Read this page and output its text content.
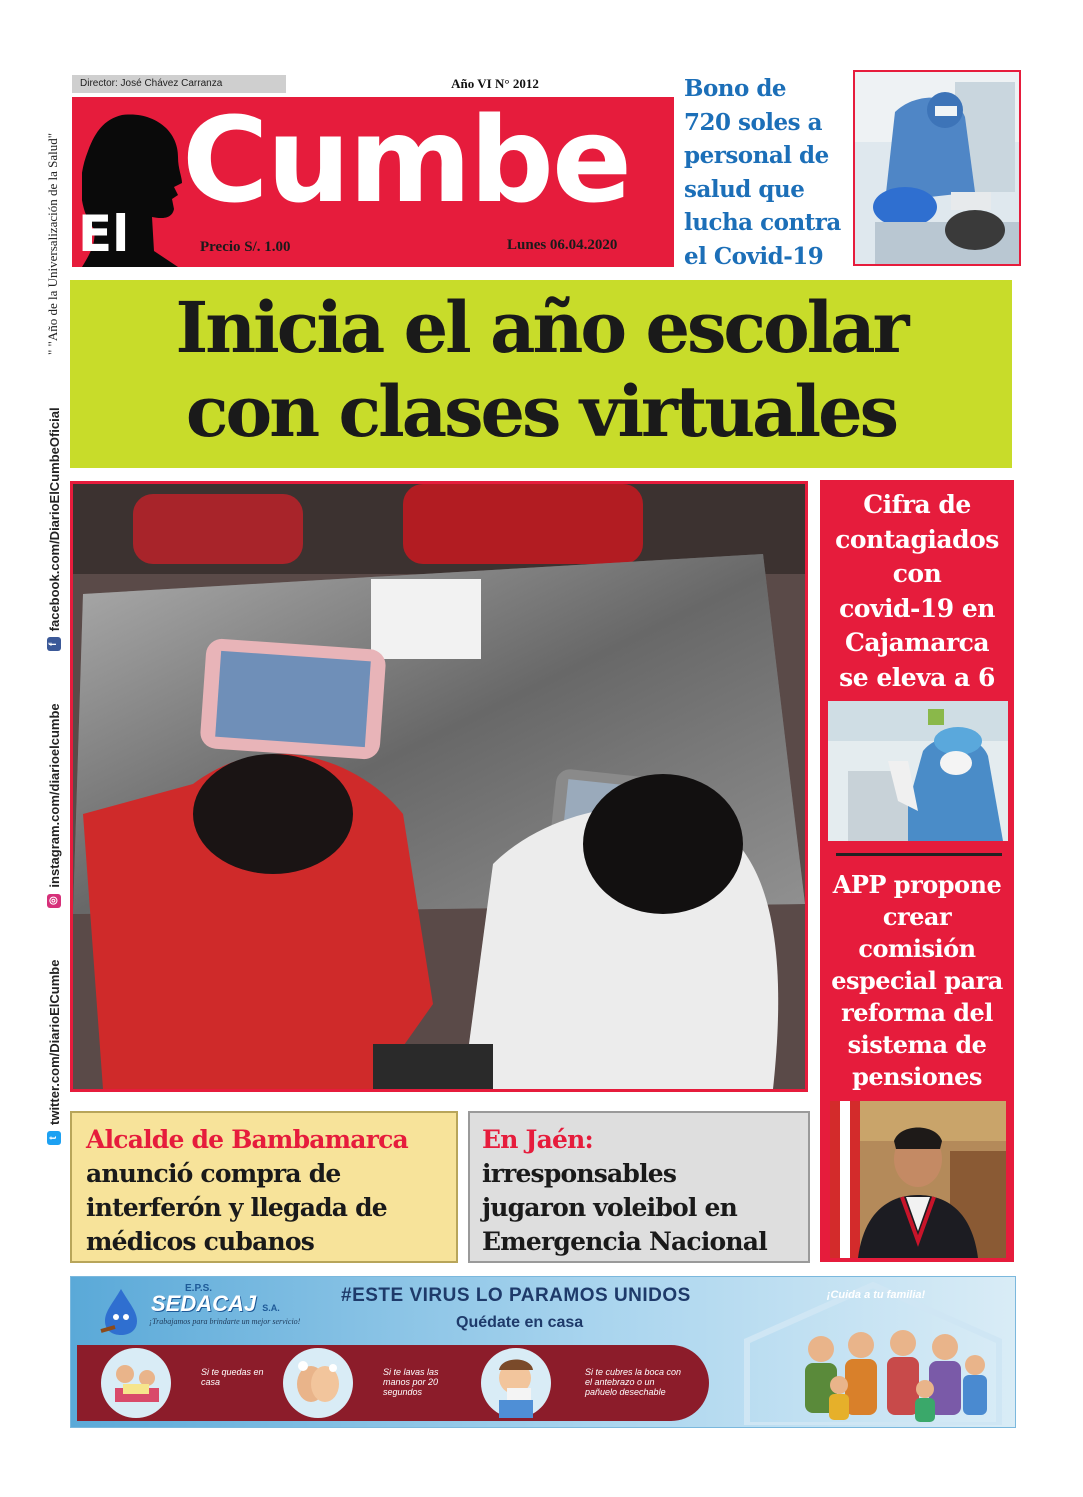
" "Año de la Universalización de la Salud"
t
twitter.com/DiarioElCumbe
◎
instagram.com/diarioelcumbe
f
facebook.com/DiarioElCumbeOficial
Director: José Chávez Carranza	Año VI N° 2012
El
Cumbe
Precio S/. 1.00	Lunes 06.04.2020
Bono de
720 soles a
personal de
salud que
lucha contra
el Covid-19
Inicia el año escolar
con clases virtuales
Cifra de
contagiados
con
covid-19 en
Cajamarca
se eleva a 6
APP propone
crear
comisión
especial para
reforma del
sistema de
pensiones
Alcalde de Bambamarca
anunció compra de
interferón y llegada de
médicos cubanos
En Jaén:
irresponsables
jugaron voleibol en
Emergencia Nacional
E.P.S.
SEDACAJ S.A.
¡Trabajamos para brindarte un mejor servicio!
#ESTE VIRUS LO PARAMOS UNIDOS
Quédate en casa
Si te quedas en casa
Si te lavas las manos por 20 segundos
Si te cubres la boca con el antebrazo o un pañuelo desechable
¡Cuida a tu familia!
